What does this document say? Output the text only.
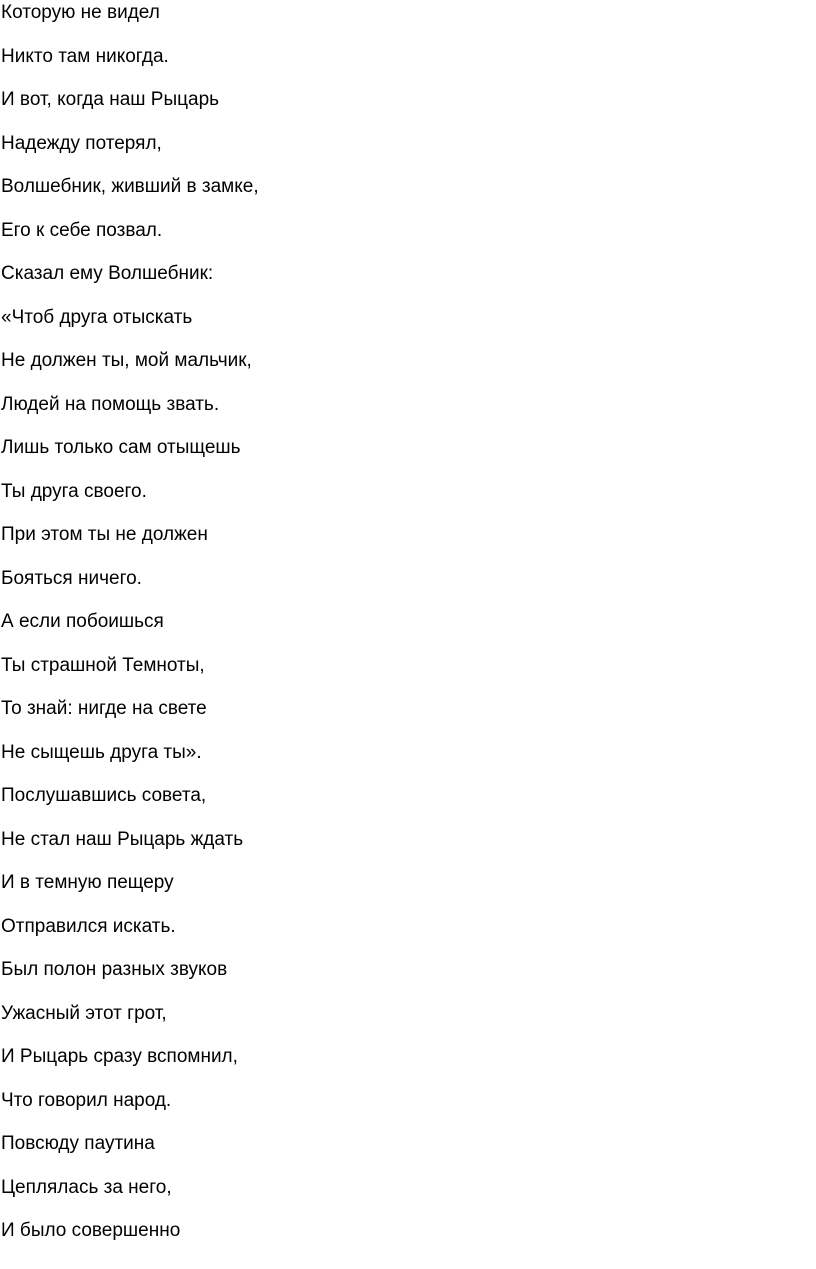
Которую не видел
Никто там никогда.
И вот, когда наш Рыцарь
Надежду потерял,
Волшебник, живший в замке,
Его к себе позвал.
Сказал ему Волшебник:
«Чтоб друга отыскать
Не должен ты, мой мальчик,
Людей на помощь звать.
Лишь только сам отыщешь
Ты друга своего.
При этом ты не должен
Бояться ничего.
А если побоишься
Ты страшной Темноты,
То знай: нигде на свете
Не сыщешь друга ты».
Послушавшись совета,
Не стал наш Рыцарь ждать
И в темную пещеру
Отправился искать.
Был полон разных звуков
Ужасный этот грот,
И Рыцарь сразу вспомнил,
Что говорил народ.
Повсюду паутина
Цеплялась за него,
И было совершенно
